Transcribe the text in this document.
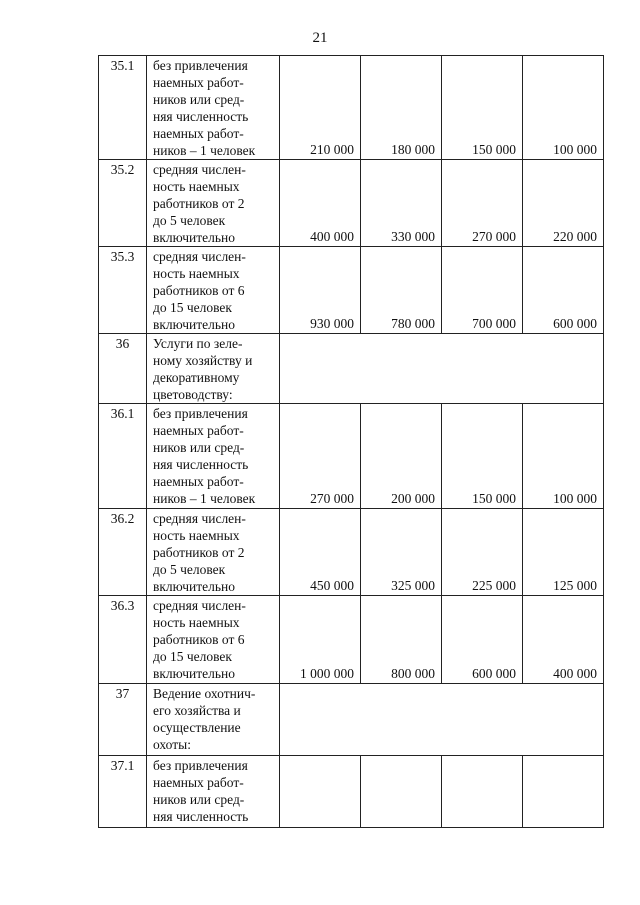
21
35.1	без привлечения
наемных работ-
ников или сред-
няя численность
наемных работ-
ников – 1 человек	210 000	180 000	150 000	100 000
35.2	средняя числен-
ность наемных
работников от 2
до 5 человек
включительно	400 000	330 000	270 000	220 000
35.3	средняя числен-
ность наемных
работников от 6
до 15 человек
включительно	930 000	780 000	700 000	600 000
36	Услуги по зеле-
ному хозяйству и
декоративному
цветоводству:
36.1	без привлечения
наемных работ-
ников или сред-
няя численность
наемных работ-
ников – 1 человек	270 000	200 000	150 000	100 000
36.2	средняя числен-
ность наемных
работников от 2
до 5 человек
включительно	450 000	325 000	225 000	125 000
36.3	средняя числен-
ность наемных
работников от 6
до 15 человек
включительно	1 000 000	800 000	600 000	400 000
37	Ведение охотнич-
его хозяйства и
осуществление
охоты:
37.1	без привлечения
наемных работ-
ников или сред-
няя численность
